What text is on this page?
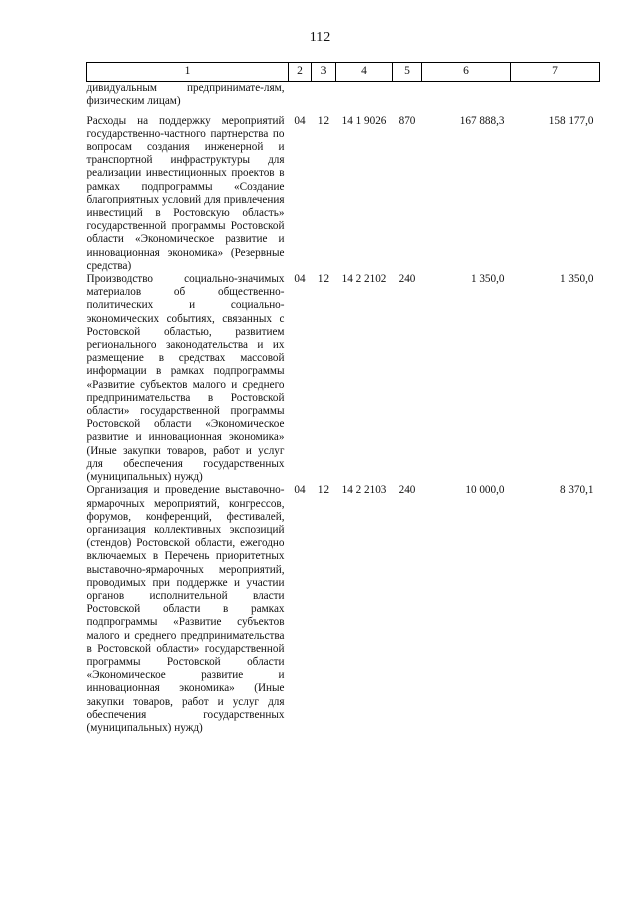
112
1	2	3	4	5	6	7
дивидуальным предпринимате-лям, физическим лицам)						
Расходы на поддержку мероприятий государственно-частного партнерства по вопросам создания инженерной и транспортной инфраструктуры для реализации инвестиционных проектов в рамках подпрограммы «Создание благоприятных условий для привлечения инвестиций в Ростовскую область» государственной программы Ростовской области «Экономическое развитие и инновационная экономика» (Резервные средства)	04	12	14 1 9026	870	167 888,3	158 177,0
Производство социально-значимых материалов об общественно-политических и социально-экономических событиях, связанных с Ростовской областью, развитием регионального законодательства и их размещение в средствах массовой информации в рамках подпрограммы «Развитие субъектов малого и среднего предпринимательства в Ростовской области» государственной программы Ростовской области «Экономическое развитие и инновационная экономика» (Иные закупки товаров, работ и услуг для обеспечения государственных (муниципальных) нужд)	04	12	14 2 2102	240	1 350,0	1 350,0
Организация и проведение выставочно-ярмарочных мероприятий, конгрессов, форумов, конференций, фестивалей, организация коллективных экспозиций (стендов) Ростовской области, ежегодно включаемых в Перечень приоритетных выставочно-ярмарочных мероприятий, проводимых при поддержке и участии органов исполнительной власти Ростовской области в рамках подпрограммы «Развитие субъектов малого и среднего предпринимательства в Ростовской области» государственной программы Ростовской области «Экономическое развитие и инновационная экономика» (Иные закупки товаров, работ и услуг для обеспечения государственных (муниципальных) нужд)	04	12	14 2 2103	240	10 000,0	8 370,1
